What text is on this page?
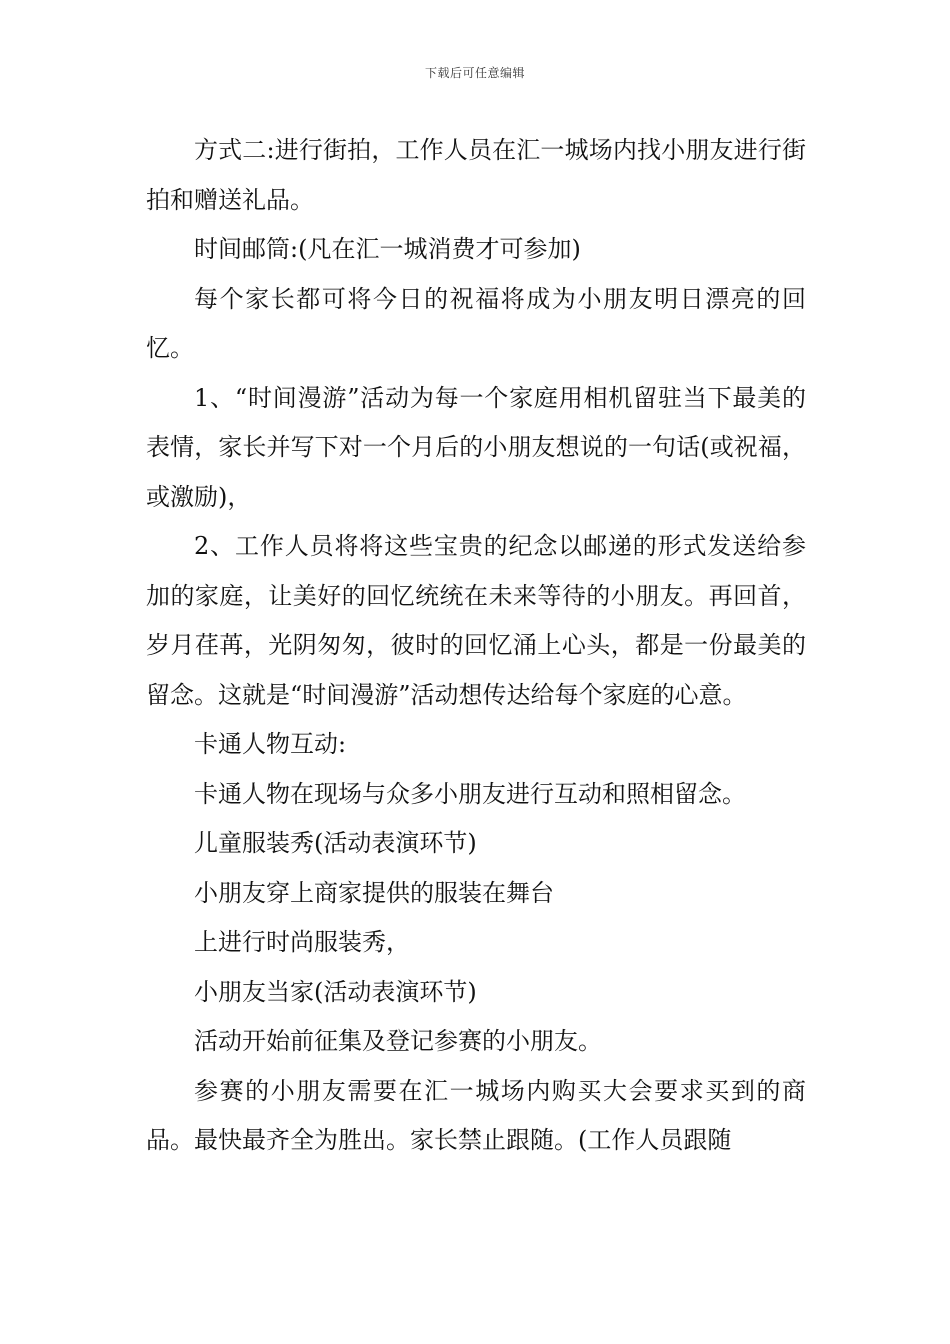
下载后可任意编辑

方式二:进行街拍，工作人员在汇一城场内找小朋友进行街拍和赠送礼品。

时间邮筒:(凡在汇一城消费才可参加)

每个家长都可将今日的祝福将成为小朋友明日漂亮的回忆。

1、“时间漫游”活动为每一个家庭用相机留驻当下最美的表情，家长并写下对一个月后的小朋友想说的一句话(或祝福，或激励)，

2、工作人员将将这些宝贵的纪念以邮递的形式发送给参加的家庭，让美好的回忆统统在未来等待的小朋友。再回首，岁月荏苒，光阴匆匆，彼时的回忆涌上心头，都是一份最美的留念。这就是“时间漫游”活动想传达给每个家庭的心意。

卡通人物互动:

卡通人物在现场与众多小朋友进行互动和照相留念。

儿童服装秀(活动表演环节)

小朋友穿上商家提供的服装在舞台

上进行时尚服装秀，

小朋友当家(活动表演环节)

活动开始前征集及登记参赛的小朋友。

参赛的小朋友需要在汇一城场内购买大会要求买到的商品。最快最齐全为胜出。家长禁止跟随。(工作人员跟随
